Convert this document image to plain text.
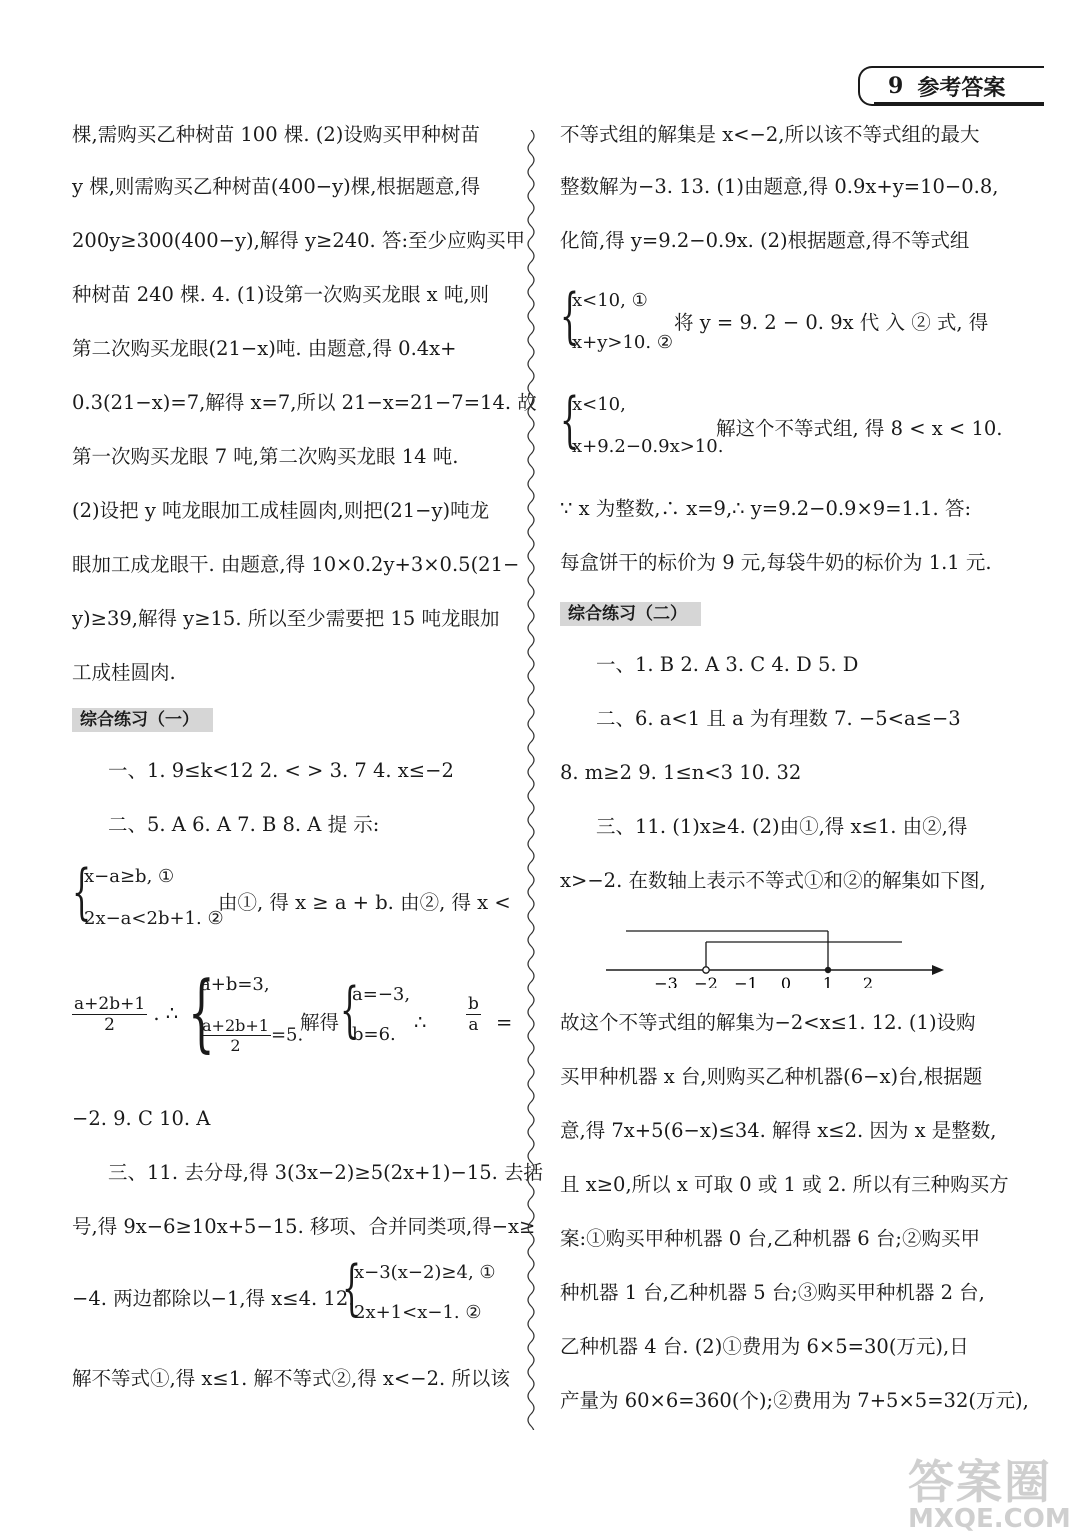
9 参考答案
棵,需购买乙种树苗 100 棵. (2)设购买甲种树苗
y 棵,则需购买乙种树苗(400−y)棵,根据题意,得
200y≥300(400−y),解得 y≥240. 答:至少应购买甲
种树苗 240 棵. 4. (1)设第一次购买龙眼 x 吨,则
第二次购买龙眼(21−x)吨. 由题意,得 0.4x+
0.3(21−x)=7,解得 x=7,所以 21−x=21−7=14. 故
第一次购买龙眼 7 吨,第二次购买龙眼 14 吨.
(2)设把 y 吨龙眼加工成桂圆肉,则把(21−y)吨龙
眼加工成龙眼干. 由题意,得 10×0.2y+3×0.5(21−
y)≥39,解得 y≥15. 所以至少需要把 15 吨龙眼加
工成桂圆肉.
综合练习（一）
一、1. 9≤k<12 2. < > 3. 7 4. x≤−2
二、5. A 6. A 7. B 8. A 提 示:
{
x−a≥b, ①
2x−a<2b+1. ②
由①, 得 x ≥ a + b. 由②, 得 x <
$\frac{a+2b+1}{2}$ . ∴ {
a+b=3,
$\frac{a+2b+1}{2} =5$.
解得 {
a=−3,
b=6.
∴ $\frac{b}{a}$ =
−2. 9. C 10. A
三、11. 去分母,得 3(3x−2)≥5(2x+1)−15. 去括
号,得 9x−6≥10x+5−15. 移项、合并同类项,得−x≥
−4. 两边都除以−1,得 x≤4. 12.
{
x−3(x−2)≥4, ①
2x+1<x−1. ②
解不等式①,得 x≤1. 解不等式②,得 x<−2. 所以该
不等式组的解集是 x<−2,所以该不等式组的最大
整数解为−3. 13. (1)由题意,得 0.9x+y=10−0.8,
化简,得 y=9.2−0.9x. (2)根据题意,得不等式组
{
x<10, ①
x+y>10. ②
将 y = 9. 2 − 0. 9x 代 入 ② 式, 得
{
x<10,
x+9.2−0.9x>10.
解这个不等式组, 得 8 < x < 10.
∵ x 为整数,∴ x=9,∴ y=9.2−0.9×9=1.1. 答:
每盒饼干的标价为 9 元,每袋牛奶的标价为 1.1 元.
综合练习（二）
一、1. B 2. A 3. C 4. D 5. D
二、6. a<1 且 a 为有理数 7. −5<a≤−3
8. m≥2 9. 1≤n<3 10. 32
三、11. (1)x≥4. (2)由①,得 x≤1. 由②,得
x>−2. 在数轴上表示不等式①和②的解集如下图,
−3 −2 −1 0 1 2
故这个不等式组的解集为−2<x≤1. 12. (1)设购
买甲种机器 x 台,则购买乙种机器(6−x)台,根据题
意,得 7x+5(6−x)≤34. 解得 x≤2. 因为 x 是整数,
且 x≥0,所以 x 可取 0 或 1 或 2. 所以有三种购买方
案:①购买甲种机器 0 台,乙种机器 6 台;②购买甲
种机器 1 台,乙种机器 5 台;③购买甲种机器 2 台,
乙种机器 4 台. (2)①费用为 6×5=30(万元),日
产量为 60×6=360(个);②费用为 7+5×5=32(万元),
答案圈
MXQE.COM
